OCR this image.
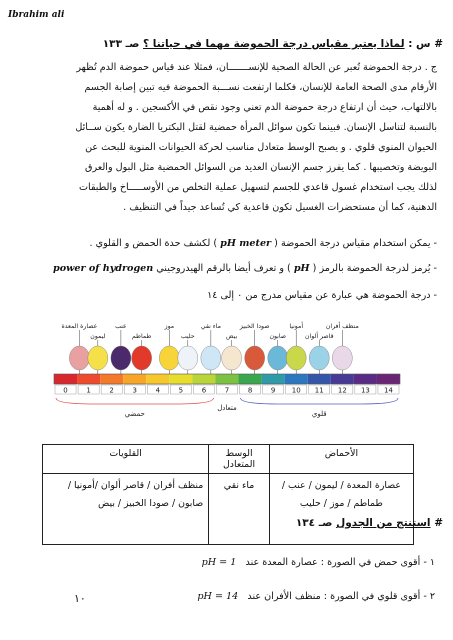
Ibrahim ali
# س : لماذا يعتبر مقياس درجة الحموضة مهما في حياتنا ؟ صـ ١٣٣
ج . درجة الحموضة تُعبر عن الحالة الصحية للإنســـــــان، فمثلا عند قياس حموضة الدم تُظهر
الأرقام مدى الصحة العامة للإنسان، فكلما ارتفعت نســـبة الحموضة فيه تبين إصابة الجسم
بالالتهاب، حيث أن ارتفاع درجة حموضة الدم تعني وجود نقص في الأكسجين . و له أهمية
بالنسبة لتناسل الإنسان. فبينما تكون سوائل المرأة حمضية لقتل البكتريا الضارة يكون ســائل
الحيوان المنوي قلوي . و يصبح الوسط متعادل مناسب لحركة الحيوانات المنوية للبحث عن
البويضة وتخصيبها . كما يفرز جسم الإنسان العديد من السوائل الحمضية مثل البول والعرق
لذلك يجب استخدام غسول قاعدي للجسم لتسهيل عملية التخلص من الأوســـــاخ والطبقات
الدهنية، كما أن مستحضرات الغسيل تكون قاعدية كي تُساعد جيداً في التنظيف .
- يمكن استخدام مقياس درجة الحموضة ( pH meter ) لكشف حدة الحمض و القلوي .
- يُرمز لدرجة الحموضة بالرمز ( pH ) و تعرف أيضا بالرقم الهيدروجيني power of hydrogen
- درجة الحموضة هي عبارة عن مقياس مدرج من ٠ إلى ١٤
0	1	2	3	4	5	6	7	8	9 10 11 12 13 14
عصارة المعدة
ليمون
عنب
طماطم
موز
حليب
ماء نقي
بيض
صودا الخبيز
صابون
أمونيا
قاصر ألوان
منظف أفران
حمضي
متعادل
قلوي
الأحماض	الوسط المتعادل	القلويات
عصارة المعدة / ليمون / عنب / طماطم / موز / حليب	ماء نقي	منظف أفران / قاصر ألوان /أمونيا / صابون / صودا الخبيز / بيض
# استنتج من الجدول صـ ١٣٤
١ - أقوى حمض في الصورة : عصارة المعدة عند   pH = 1
٢ - أقوى قلوي في الصورة : منظف الأفران عند   pH = 14
١٠
